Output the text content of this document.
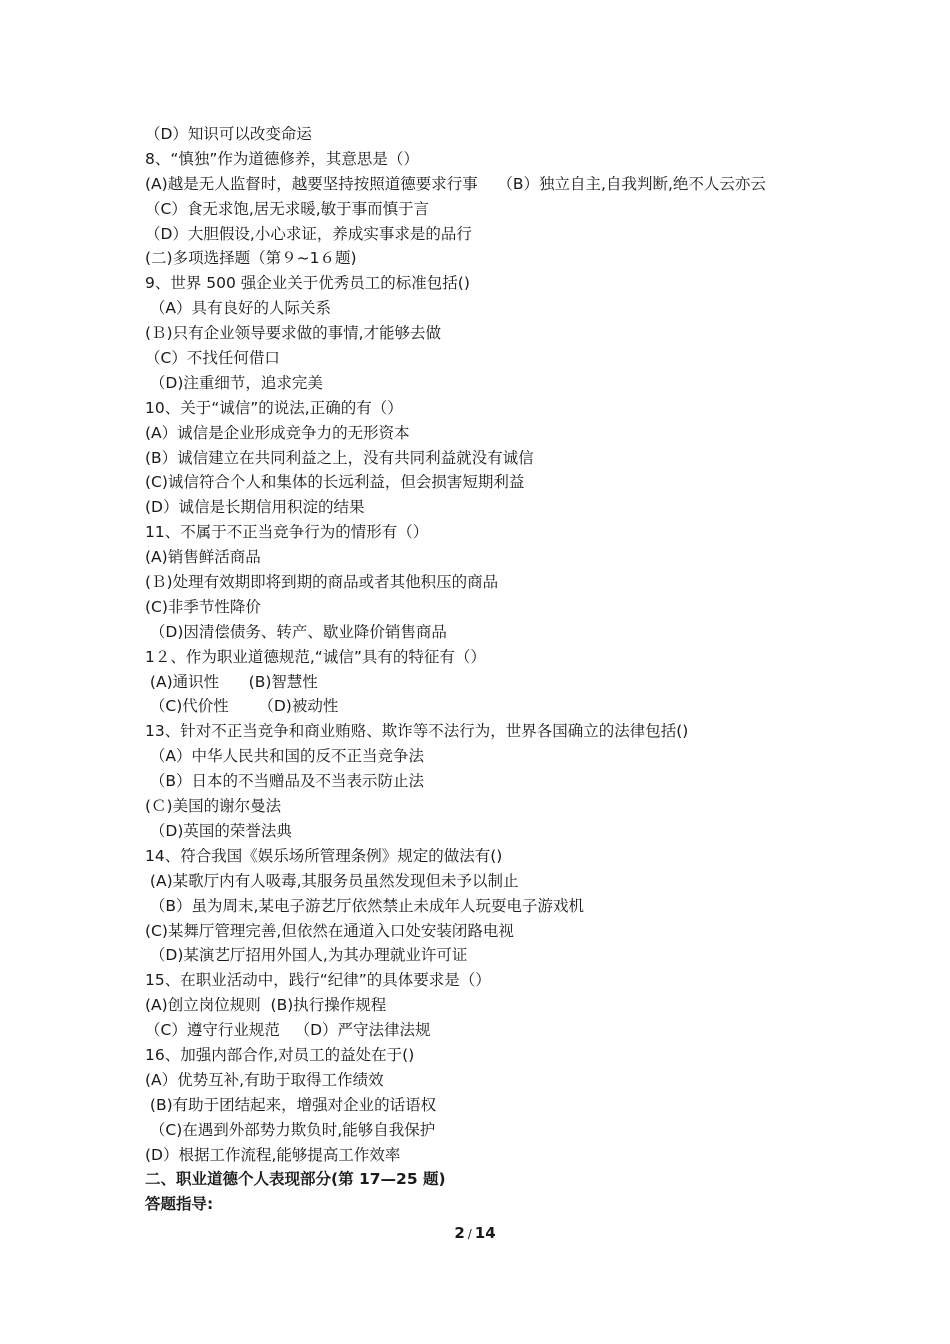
（D）知识可以改变命运
8、“慎独”作为道德修养，其意思是（）
(A)越是无人监督时，越要坚持按照道德要求行事    （B）独立自主,自我判断,绝不人云亦云
（C）食无求饱,居无求暖,敏于事而慎于言
（D）大胆假设,小心求证，养成实事求是的品行
(二)多项选择题（第９~1６题)
9、世界 500 强企业关于优秀员工的标准包括()
（A）具有良好的人际关系
(Ｂ)只有企业领导要求做的事情,才能够去做
（C）不找任何借口
（D)注重细节，追求完美
10、关于“诚信”的说法,正确的有（）
(A）诚信是企业形成竞争力的无形资本
(B）诚信建立在共同利益之上，没有共同利益就没有诚信
(C)诚信符合个人和集体的长远利益，但会损害短期利益
(D）诚信是长期信用积淀的结果
11、不属于不正当竞争行为的情形有（）
(A)销售鲜活商品
(Ｂ)处理有效期即将到期的商品或者其他积压的商品
(C)非季节性降价
（D)因清偿债务、转产、歇业降价销售商品
1２、作为职业道德规范,“诚信”具有的特征有（）
(A)通识性      (B)智慧性
（C)代价性      （D)被动性
13、针对不正当竞争和商业贿赂、欺诈等不法行为，世界各国确立的法律包括()
（A）中华人民共和国的反不正当竞争法
（B）日本的不当赠品及不当表示防止法
(Ｃ)美国的谢尔曼法
（D)英国的荣誉法典
14、符合我国《娱乐场所管理条例》规定的做法有()
(A)某歌厅内有人吸毒,其服务员虽然发现但未予以制止
（B）虽为周末,某电子游艺厅依然禁止未成年人玩耍电子游戏机
(C)某舞厅管理完善,但依然在通道入口处安装闭路电视
（D)某演艺厅招用外国人,为其办理就业许可证
15、在职业活动中，践行“纪律”的具体要求是（）
(A)创立岗位规则  (B)执行操作规程
（C）遵守行业规范   （D）严守法律法规
16、加强内部合作,对员工的益处在于()
(A）优势互补,有助于取得工作绩效
(B)有助于团结起来，增强对企业的话语权
（C)在遇到外部势力欺负时,能够自我保护
(D）根据工作流程,能够提高工作效率
二、职业道德个人表现部分(第 17—25 题)
答题指导:
2 / 14
